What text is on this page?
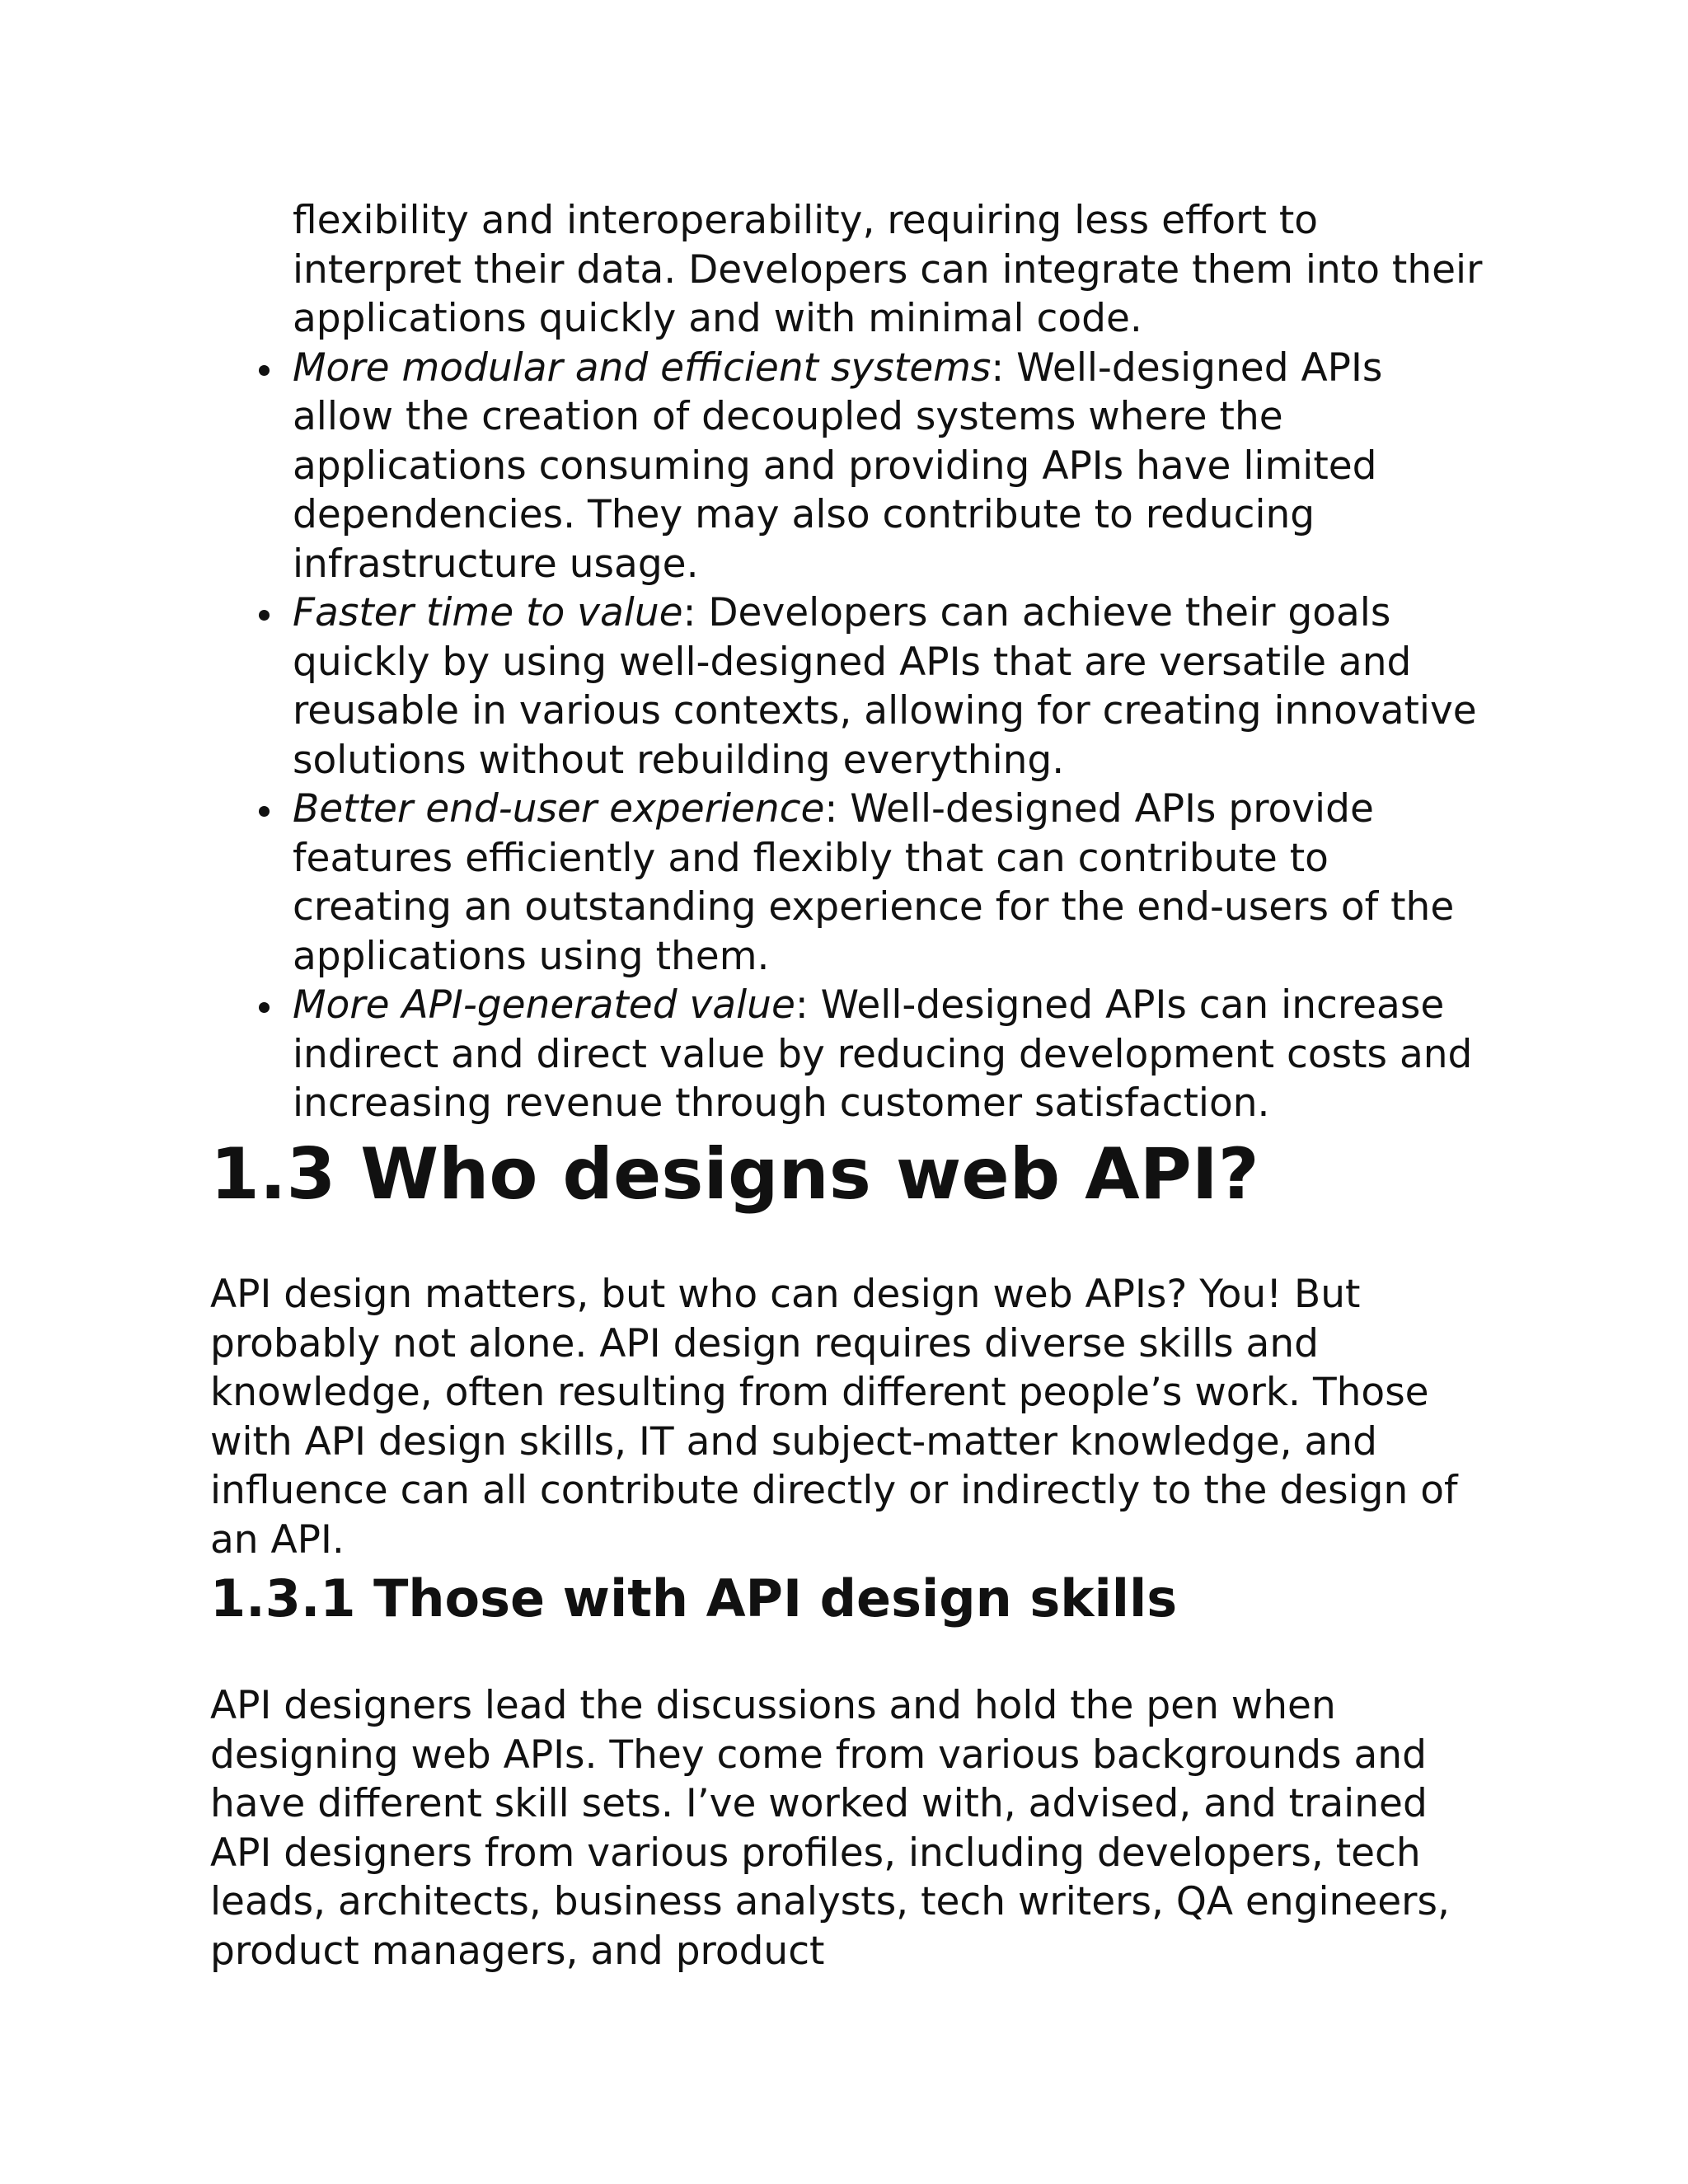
flexibility and interoperability, requiring less effort to interpret their data. Developers can integrate them into their applications quickly and with minimal code.
More modular and efficient systems: Well-designed APIs allow the creation of decoupled systems where the applications consuming and providing APIs have limited dependencies. They may also contribute to reducing infrastructure usage.
Faster time to value: Developers can achieve their goals quickly by using well-designed APIs that are versatile and reusable in various contexts, allowing for creating innovative solutions without rebuilding everything.
Better end-user experience: Well-designed APIs provide features efficiently and flexibly that can contribute to creating an outstanding experience for the end-users of the applications using them.
More API-generated value: Well-designed APIs can increase indirect and direct value by reducing development costs and increasing revenue through customer satisfaction.
1.3 Who designs web API?

API design matters, but who can design web APIs? You! But probably not alone. API design requires diverse skills and knowledge, often resulting from different people’s work. Those with API design skills, IT and subject-matter knowledge, and influence can all contribute directly or indirectly to the design of an API.

1.3.1 Those with API design skills

API designers lead the discussions and hold the pen when designing web APIs. They come from various backgrounds and have different skill sets. I’ve worked with, advised, and trained API designers from various profiles, including developers, tech leads, architects, business analysts, tech writers, QA engineers, product managers, and product
